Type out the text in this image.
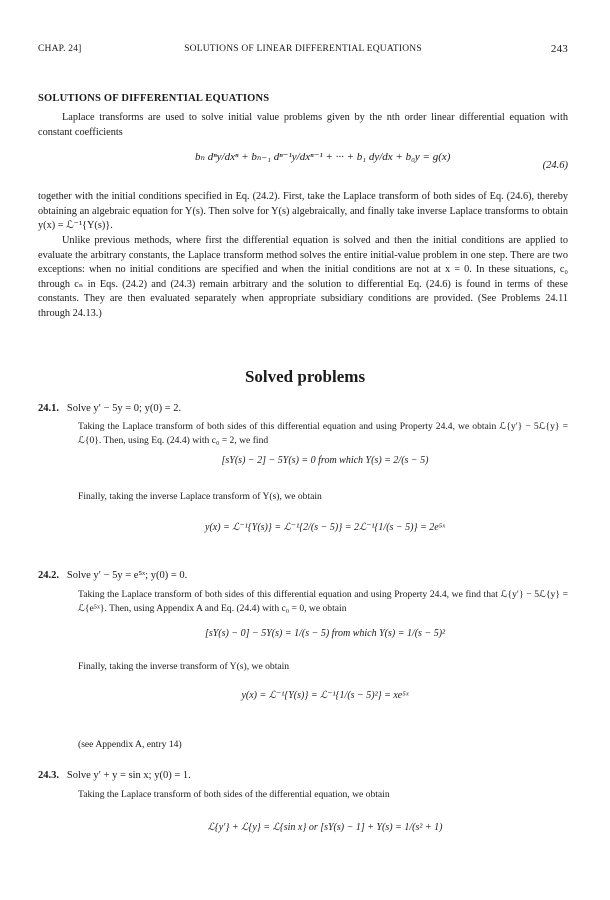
CHAP. 24]	SOLUTIONS OF LINEAR DIFFERENTIAL EQUATIONS	243
SOLUTIONS OF DIFFERENTIAL EQUATIONS
Laplace transforms are used to solve initial value problems given by the nth order linear differential equation with constant coefficients
bₙ dⁿy/dxⁿ + bₙ₋₁ dⁿ⁻¹y/dxⁿ⁻¹ + ··· + b₁ dy/dx + b₀y = g(x)
(24.6)
together with the initial conditions specified in Eq. (24.2). First, take the Laplace transform of both sides of Eq. (24.6), thereby obtaining an algebraic equation for Y(s). Then solve for Y(s) algebraically, and finally take inverse Laplace transforms to obtain y(x) = ℒ⁻¹{Y(s)}.
Unlike previous methods, where first the differential equation is solved and then the initial conditions are applied to evaluate the arbitrary constants, the Laplace transform method solves the entire initial-value problem in one step. There are two exceptions: when no initial conditions are specified and when the initial conditions are not at x = 0. In these situations, c₀ through cₙ in Eqs. (24.2) and (24.3) remain arbitrary and the solution to differential Eq. (24.6) is found in terms of these constants. They are then evaluated separately when appropriate subsidiary conditions are provided. (See Problems 24.11 through 24.13.)
Solved problems
24.1. Solve y′ − 5y = 0; y(0) = 2.
Taking the Laplace transform of both sides of this differential equation and using Property 24.4, we obtain ℒ{y′} − 5ℒ{y} = ℒ{0}. Then, using Eq. (24.4) with c₀ = 2, we find
[sY(s) − 2] − 5Y(s) = 0 from which Y(s) = 2/(s − 5)
Finally, taking the inverse Laplace transform of Y(s), we obtain
y(x) = ℒ⁻¹{Y(s)} = ℒ⁻¹{2/(s − 5)} = 2ℒ⁻¹{1/(s − 5)} = 2e⁵ˣ
24.2. Solve y′ − 5y = e⁵ˣ; y(0) = 0.
Taking the Laplace transform of both sides of this differential equation and using Property 24.4, we find that ℒ{y′} − 5ℒ{y} = ℒ{e⁵ˣ}. Then, using Appendix A and Eq. (24.4) with c₀ = 0, we obtain
[sY(s) − 0] − 5Y(s) = 1/(s − 5) from which Y(s) = 1/(s − 5)²
Finally, taking the inverse transform of Y(s), we obtain
y(x) = ℒ⁻¹{Y(s)} = ℒ⁻¹{1/(s − 5)²} = xe⁵ˣ
(see Appendix A, entry 14)
24.3. Solve y′ + y = sin x; y(0) = 1.
Taking the Laplace transform of both sides of the differential equation, we obtain
ℒ{y′} + ℒ{y} = ℒ{sin x} or [sY(s) − 1] + Y(s) = 1/(s² + 1)
